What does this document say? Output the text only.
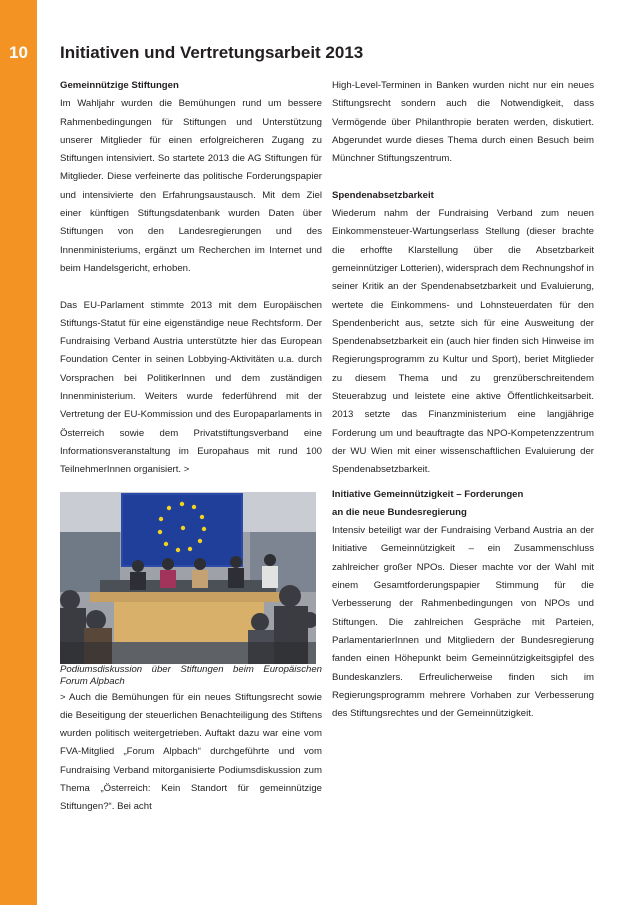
10	Initiativen und Vertretungsarbeit 2013
Gemeinnützige Stiftungen

Im Wahljahr wurden die Bemühungen rund um bessere Rahmenbedingungen für Stiftungen und Unterstützung unserer Mitglieder für einen erfolgreicheren Zugang zu Stiftungen intensiviert. So startete 2013 die AG Stiftungen für Mitglieder. Diese verfeinerte das politische Forderungspapier und intensivierte den Erfahrungsaustausch. Mit dem Ziel einer künftigen Stiftungsdatenbank wurden Daten über Stiftungen von den Landesregierungen und des Innenministeriums, ergänzt um Recherchen im Internet und beim Handelsgericht, erhoben.

Das EU-Parlament stimmte 2013 mit dem Europäischen Stiftungs-Statut für eine eigenständige neue Rechtsform. Der Fundraising Verband Austria unterstützte hier das European Foundation Center in seinen Lobbying-Aktivitäten u.a. durch Vorsprachen bei PolitikerInnen und dem zuständigen Innenministerium. Weiters wurde federführend mit der Vertretung der EU-Kommission und des Europaparlaments in Österreich sowie dem Privatstiftungsverband eine Informationsveranstaltung im Europahaus mit rund 100 TeilnehmerInnen organisiert. >

Podiumsdiskussion über Stiftungen beim Europäischen Forum Alpbach

> Auch die Bemühungen für ein neues Stiftungsrecht sowie die Beseitigung der steuerlichen Benachteiligung des Stiftens wurden politisch weitergetrieben. Auftakt dazu war eine vom FVA-Mitglied „Forum Alpbach“ durchgeführte und vom Fundraising Verband mitorganisierte Podiumsdiskussion zum Thema „Österreich: Kein Standort für gemeinnützige Stiftungen?“. Bei acht

High-Level-Terminen in Banken wurden nicht nur ein neues Stiftungsrecht sondern auch die Notwendigkeit, dass Vermögende über Philanthropie beraten werden, diskutiert. Abgerundet wurde dieses Thema durch einen Besuch beim Münchner Stiftungszentrum.

Spendenabsetzbarkeit

Wiederum nahm der Fundraising Verband zum neuen Einkommensteuer-Wartungserlass Stellung (dieser brachte die erhoffte Klarstellung über die Absetzbarkeit gemeinnütziger Lotterien), widersprach dem Rechnungshof in seiner Kritik an der Spendenabsetzbarkeit und Evaluierung, wertete die Einkommens- und Lohnsteuerdaten für den Spendenbericht aus, setzte sich für eine Ausweitung der Spendenabsetzbarkeit ein (auch hier finden sich Hinweise im Regierungsprogramm zu Kultur und Sport), beriet Mitglieder zu diesem Thema und zu grenzüberschreitendem Steuerabzug und leistete eine aktive Öffentlichkeitsarbeit. 2013 setzte das Finanzministerium eine langjährige Forderung um und beauftragte das NPO-Kompetenzzentrum der WU Wien mit einer wissenschaftlichen Evaluierung der Spendenabsetzbarkeit.

Initiative Gemeinnützigkeit – Forderungen
an die neue Bundesregierung

Intensiv beteiligt war der Fundraising Verband Austria an der Initiative Gemeinnützigkeit – ein Zusammenschluss zahlreicher großer NPOs. Dieser machte vor der Wahl mit einem Gesamtforderungspapier Stimmung für die Verbesserung der Rahmenbedingungen von NPOs und Stiftungen. Die zahlreichen Gespräche mit Parteien, ParlamentarierInnen und Mitgliedern der Bundesregierung fanden einen Höhepunkt beim Gemeinnützigkeitsgipfel des Bundeskanzlers. Erfreulicherweise finden sich im Regierungsprogramm mehrere Vorhaben zur Verbesserung des Stiftungsrechtes und der Gemeinnützigkeit.
